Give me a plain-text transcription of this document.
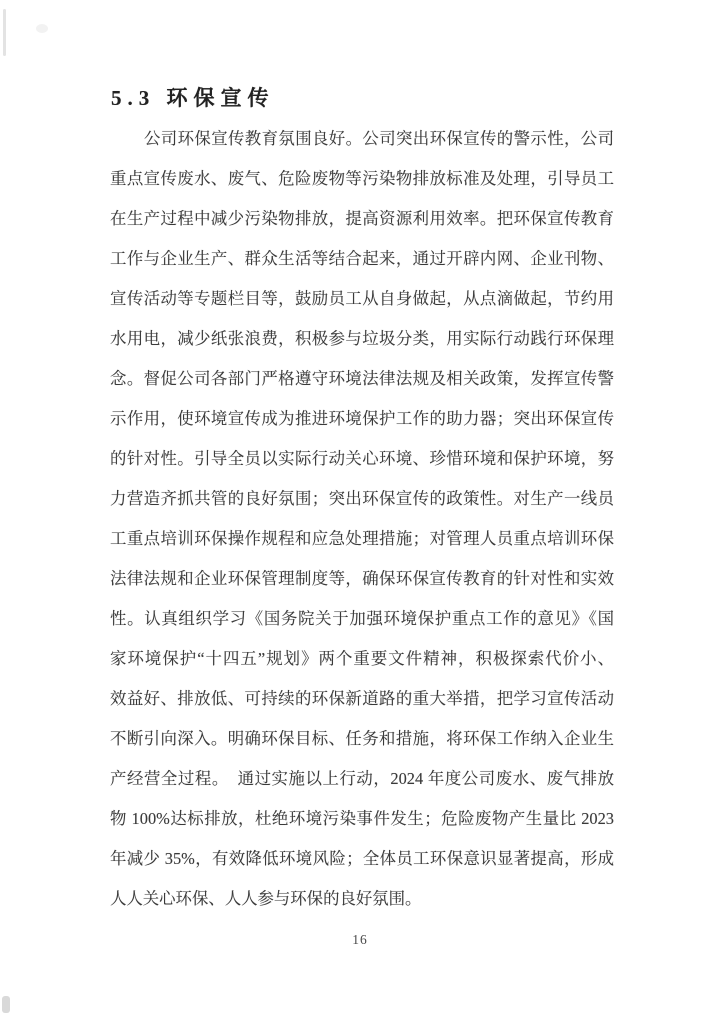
5.3 环保宣传
公司环保宣传教育氛围良好。公司突出环保宣传的警示性，公司
重点宣传废水、废气、危险废物等污染物排放标准及处理，引导员工
在生产过程中减少污染物排放，提高资源利用效率。把环保宣传教育
工作与企业生产、群众生活等结合起来，通过开辟内网、企业刊物、
宣传活动等专题栏目等，鼓励员工从自身做起，从点滴做起，节约用
水用电，减少纸张浪费，积极参与垃圾分类，用实际行动践行环保理
念。督促公司各部门严格遵守环境法律法规及相关政策，发挥宣传警
示作用，使环境宣传成为推进环境保护工作的助力器；突出环保宣传
的针对性。引导全员以实际行动关心环境、珍惜环境和保护环境，努
力营造齐抓共管的良好氛围；突出环保宣传的政策性。对生产一线员
工重点培训环保操作规程和应急处理措施；对管理人员重点培训环保
法律法规和企业环保管理制度等，确保环保宣传教育的针对性和实效
性。认真组织学习《国务院关于加强环境保护重点工作的意见》《国
家环境保护“十四五”规划》两个重要文件精神，积极探索代价小、
效益好、排放低、可持续的环保新道路的重大举措，把学习宣传活动
不断引向深入。明确环保目标、任务和措施，将环保工作纳入企业生
产经营全过程。　通过实施以上行动，2024 年度公司废水、废气排放
物 100%达标排放，杜绝环境污染事件发生；危险废物产生量比 2023
年减少 35%，有效降低环境风险；全体员工环保意识显著提高，形成
人人关心环保、人人参与环保的良好氛围。
16
